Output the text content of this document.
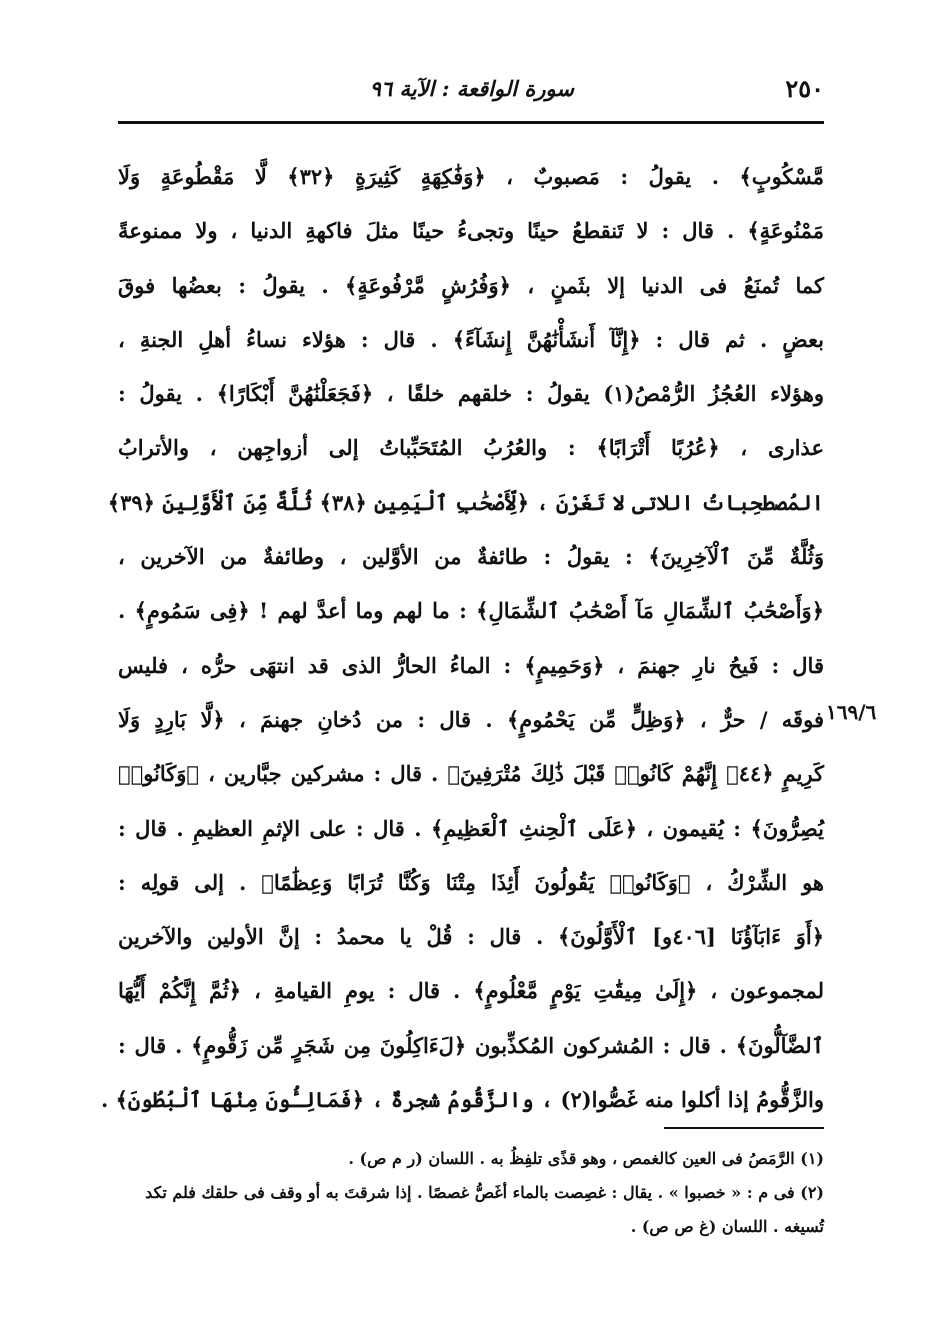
٢٥٠
سورة الواقعة : الآية ٩٦
١٦٩/٦
مَّسْكُوبٍ﴾ . يقولُ : مَصبوبٌ ، ﴿وَفَٰكِهَةٍ كَثِيرَةٍ ﴿٣٢﴾ لَّا مَقْطُوعَةٍ وَلَا
مَمْنُوعَةٍ﴾ . قال : لا تَنقطعُ حينًا وتجىءُ حينًا مثلَ فاكهةِ الدنيا ، ولا ممنوعةً
كما تُمنَعُ فى الدنيا إلا بثَمنٍ ، ﴿وَفُرُشٍ مَّرْفُوعَةٍ﴾ . يقولُ : بعضُها فوقَ
بعضٍ . ثم قال : ﴿إِنَّآ أَنشَأْنَٰهُنَّ إِنشَآءً﴾ . قال : هؤلاء نساءُ أهلِ الجنةِ ،
وهؤلاء العُجُزُ الرُّمْصُ(١) يقولُ : خلقهم خلقًا ، ﴿فَجَعَلْنَٰهُنَّ أَبْكَارًا﴾ . يقولُ :
عذارى ، ﴿عُرُبًا أَتْرَابًا﴾ : والعُرُبُ المُتَحَبِّباتُ إلى أزواجِهن ، والأترابُ
المُصطحِباتُ اللاتى لا تَغَرْنَ ، ﴿لِّأَصْحَٰبِ ٱلْيَمِينِ ﴿٣٨﴾ ثُلَّةٌ مِّنَ ٱلْأَوَّلِينَ ﴿٣٩﴾
وَثُلَّةٌ مِّنَ ٱلْآخِرِينَ﴾ : يقولُ : طائفةٌ من الأوَّلين ، وطائفةٌ من الآخرين ،
﴿وَأَصْحَٰبُ ٱلشِّمَالِ مَآ أَصْحَٰبُ ٱلشِّمَالِ﴾ : ما لهم وما أعدَّ لهم ! ﴿فِى سَمُومٍ﴾ .
قال : فَيحُ نارِ جهنمَ ، ﴿وَحَمِيمٍ﴾ : الماءُ الحارُّ الذى قد انتهَى حرُّه ، فليس
فوقَه / حرٌّ ، ﴿وَظِلٍّ مِّن يَحْمُومٍ﴾ . قال : من دُخانِ جهنمَ ، ﴿لَّا بَارِدٍ وَلَا
كَرِيمٍ ﴿٤٤﴾ إِنَّهُمْ كَانُوا۟ قَبْلَ ذَٰلِكَ مُتْرَفِينَ﴾ . قال : مشركين جبَّارين ، ﴿وَكَانُوا۟
يُصِرُّونَ﴾ : يُقيمون ، ﴿عَلَى ٱلْحِنثِ ٱلْعَظِيمِ﴾ . قال : على الإثمِ العظيمِ . قال :
هو الشِّرْكُ ، ﴿وَكَانُوا۟ يَقُولُونَ أَئِذَا مِتْنَا وَكُنَّا تُرَابًا وَعِظَٰمًا﴾ . إلى قولِه :
﴿أَوَ ءَابَآؤُنَا [٤٠٦و] ٱلْأَوَّلُونَ﴾ . قال : قُلْ يا محمدُ : إنَّ الأولين والآخرين
لمجموعون ، ﴿إِلَىٰ مِيقَٰتِ يَوْمٍ مَّعْلُومٍ﴾ . قال : يومِ القيامةِ ، ﴿ثُمَّ إِنَّكُمْ أَيُّهَا
ٱلضَّآلُّونَ﴾ . قال : المُشركون المُكذِّبون ﴿لَءَاكِلُونَ مِن شَجَرٍ مِّن زَقُّومٍ﴾ . قال :
والزَّقُّومُ إذا أكلوا منه غَصُّوا(٢) ، والزَّقُّومُ شجرةٌ ، ﴿فَمَالِـُٔونَ مِنْهَا ٱلْبُطُونَ﴾ .
(١) الرَّمَصُ فى العين كالغمص ، وهو قذًى تلفِظُ به . اللسان (ر م ص) .
(٢) فى م : « خصبوا » . يقال : غصِصت بالماء أغَصُّ غصصًا . إذا شرقتَ به أو وقف فى حلقك فلم تكد
تُسيغه . اللسان (غ ص ص) .
